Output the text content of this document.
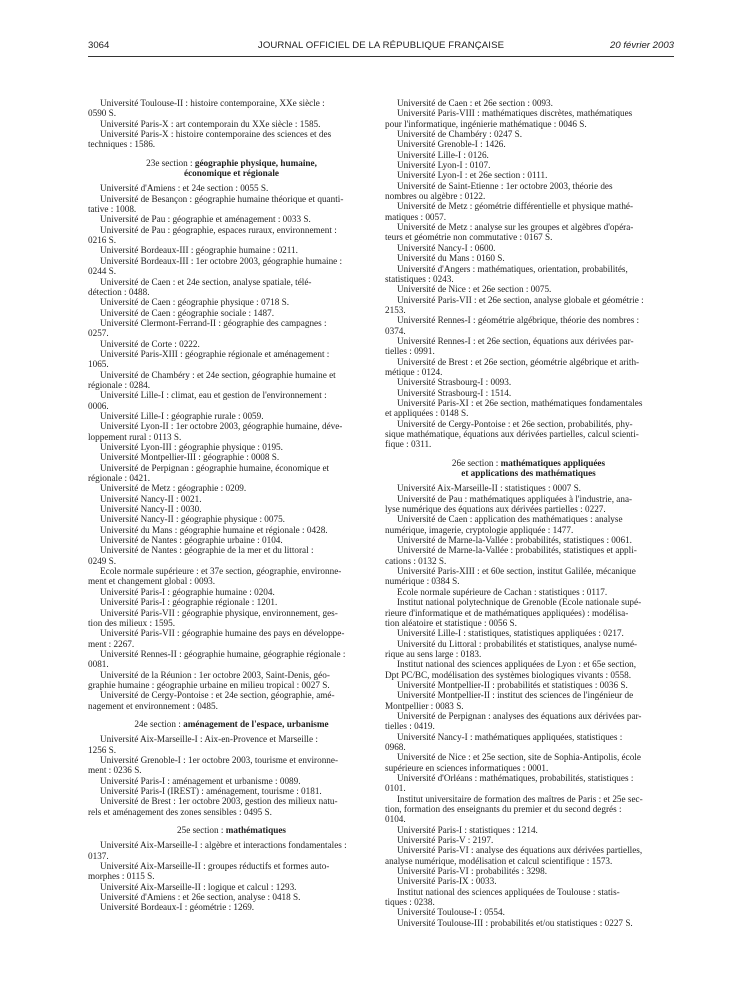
3064	JOURNAL OFFICIEL DE LA RÉPUBLIQUE FRANÇAISE	20 février 2003

Université Toulouse-II : histoire contemporaine, XXe siècle :
0590 S.

Université Paris-X : art contemporain du XXe siècle : 1585.

Université Paris-X : histoire contemporaine des sciences et des
techniques : 1586.

23e section : géographie physique, humaine,
économique et régionale

Université d'Amiens : et 24e section : 0055 S.

Université de Besançon : géographie humaine théorique et quanti-
tative : 1008.

Université de Pau : géographie et aménagement : 0033 S.

Université de Pau : géographie, espaces ruraux, environnement :
0216 S.

Université Bordeaux-III : géographie humaine : 0211.

Université Bordeaux-III : 1er octobre 2003, géographie humaine :
0244 S.

Université de Caen : et 24e section, analyse spatiale, télé-
détection : 0488.

Université de Caen : géographie physique : 0718 S.

Université de Caen : géographie sociale : 1487.

Université Clermont-Ferrand-II : géographie des campagnes :
0257.

Université de Corte : 0222.

Université Paris-XIII : géographie régionale et aménagement :
1065.

Université de Chambéry : et 24e section, géographie humaine et
régionale : 0284.

Université Lille-I : climat, eau et gestion de l'environnement :
0006.

Université Lille-I : géographie rurale : 0059.

Université Lyon-II : 1er octobre 2003, géographie humaine, déve-
loppement rural : 0113 S.

Université Lyon-III : géographie physique : 0195.

Université Montpellier-III : géographie : 0008 S.

Université de Perpignan : géographie humaine, économique et
régionale : 0421.

Université de Metz : géographie : 0209.

Université Nancy-II : 0021.

Université Nancy-II : 0030.

Université Nancy-II : géographie physique : 0075.

Université du Mans : géographie humaine et régionale : 0428.

Université de Nantes : géographie urbaine : 0104.

Université de Nantes : géographie de la mer et du littoral :
0249 S.

Ecole normale supérieure : et 37e section, géographie, environne-
ment et changement global : 0093.

Université Paris-I : géographie humaine : 0204.

Université Paris-I : géographie régionale : 1201.

Université Paris-VII : géographie physique, environnement, ges-
tion des milieux : 1595.

Université Paris-VII : géographie humaine des pays en développe-
ment : 2267.

Université Rennes-II : géographie humaine, géographie régionale :
0081.

Université de la Réunion : 1er octobre 2003, Saint-Denis, géo-
graphie humaine : géographie urbaine en milieu tropical : 0027 S.

Université de Cergy-Pontoise : et 24e section, géographie, amé-
nagement et environnement : 0485.

24e section : aménagement de l'espace, urbanisme

Université Aix-Marseille-I : Aix-en-Provence et Marseille :
1256 S.

Université Grenoble-I : 1er octobre 2003, tourisme et environne-
ment : 0236 S.

Université Paris-I : aménagement et urbanisme : 0089.

Université Paris-I (IREST) : aménagement, tourisme : 0181.

Université de Brest : 1er octobre 2003, gestion des milieux natu-
rels et aménagement des zones sensibles : 0495 S.

25e section : mathématiques

Université Aix-Marseille-I : algèbre et interactions fondamentales :
0137.

Université Aix-Marseille-II : groupes réductifs et formes auto-
morphes : 0115 S.

Université Aix-Marseille-II : logique et calcul : 1293.

Université d'Amiens : et 26e section, analyse : 0418 S.

Université Bordeaux-I : géométrie : 1269.

Université de Caen : et 26e section : 0093.

Université Paris-VIII : mathématiques discrètes, mathématiques
pour l'informatique, ingénierie mathématique : 0046 S.

Université de Chambéry : 0247 S.

Université Grenoble-I : 1426.

Université Lille-I : 0126.

Université Lyon-I : 0107.

Université Lyon-I : et 26e section : 0111.

Université de Saint-Etienne : 1er octobre 2003, théorie des
nombres ou algèbre : 0122.

Université de Metz : géométrie différentielle et physique mathé-
matiques : 0057.

Université de Metz : analyse sur les groupes et algèbres d'opéra-
teurs et géométrie non commutative : 0167 S.

Université Nancy-I : 0600.

Université du Mans : 0160 S.

Université d'Angers : mathématiques, orientation, probabilités,
statistiques : 0243.

Université de Nice : et 26e section : 0075.

Université Paris-VII : et 26e section, analyse globale et géométrie :
2153.

Université Rennes-I : géométrie algébrique, théorie des nombres :
0374.

Université Rennes-I : et 26e section, équations aux dérivées par-
tielles : 0991.

Université de Brest : et 26e section, géométrie algébrique et arith-
métique : 0124.

Université Strasbourg-I : 0093.

Université Strasbourg-I : 1514.

Université Paris-XI : et 26e section, mathématiques fondamentales
et appliquées : 0148 S.

Université de Cergy-Pontoise : et 26e section, probabilités, phy-
sique mathématique, équations aux dérivées partielles, calcul scienti-
fique : 0311.

26e section : mathématiques appliquées
et applications des mathématiques

Université Aix-Marseille-II : statistiques : 0007 S.

Université de Pau : mathématiques appliquées à l'industrie, ana-
lyse numérique des équations aux dérivées partielles : 0227.

Université de Caen : application des mathématiques : analyse
numérique, imagerie, cryptologie appliquée : 1477.

Université de Marne-la-Vallée : probabilités, statistiques : 0061.

Université de Marne-la-Vallée : probabilités, statistiques et appli-
cations : 0132 S.

Université Paris-XIII : et 60e section, institut Galilée, mécanique
numérique : 0384 S.

Ecole normale supérieure de Cachan : statistiques : 0117.

Institut national polytechnique de Grenoble (Ecole nationale supé-
rieure d'informatique et de mathématiques appliquées) : modélisa-
tion aléatoire et statistique : 0056 S.

Université Lille-I : statistiques, statistiques appliquées : 0217.

Université du Littoral : probabilités et statistiques, analyse numé-
rique au sens large : 0183.

Institut national des sciences appliquées de Lyon : et 65e section,
Dpt PC/BC, modélisation des systèmes biologiques vivants : 0558.

Université Montpellier-II : probabilités et statistiques : 0036 S.

Université Montpellier-II : institut des sciences de l'ingénieur de
Montpellier : 0083 S.

Université de Perpignan : analyses des équations aux dérivées par-
tielles : 0419.

Université Nancy-I : mathématiques appliquées, statistiques :
0968.

Université de Nice : et 25e section, site de Sophia-Antipolis, école
supérieure en sciences informatiques : 0001.

Université d'Orléans : mathématiques, probabilités, statistiques :
0101.

Institut universitaire de formation des maîtres de Paris : et 25e sec-
tion, formation des enseignants du premier et du second degrés :
0104.

Université Paris-I : statistiques : 1214.

Université Paris-V : 2197.

Université Paris-VI : analyse des équations aux dérivées partielles,
analyse numérique, modélisation et calcul scientifique : 1573.

Université Paris-VI : probabilités : 3298.

Université Paris-IX : 0033.

Institut national des sciences appliquées de Toulouse : statis-
tiques : 0238.

Université Toulouse-I : 0554.

Université Toulouse-III : probabilités et/ou statistiques : 0227 S.
